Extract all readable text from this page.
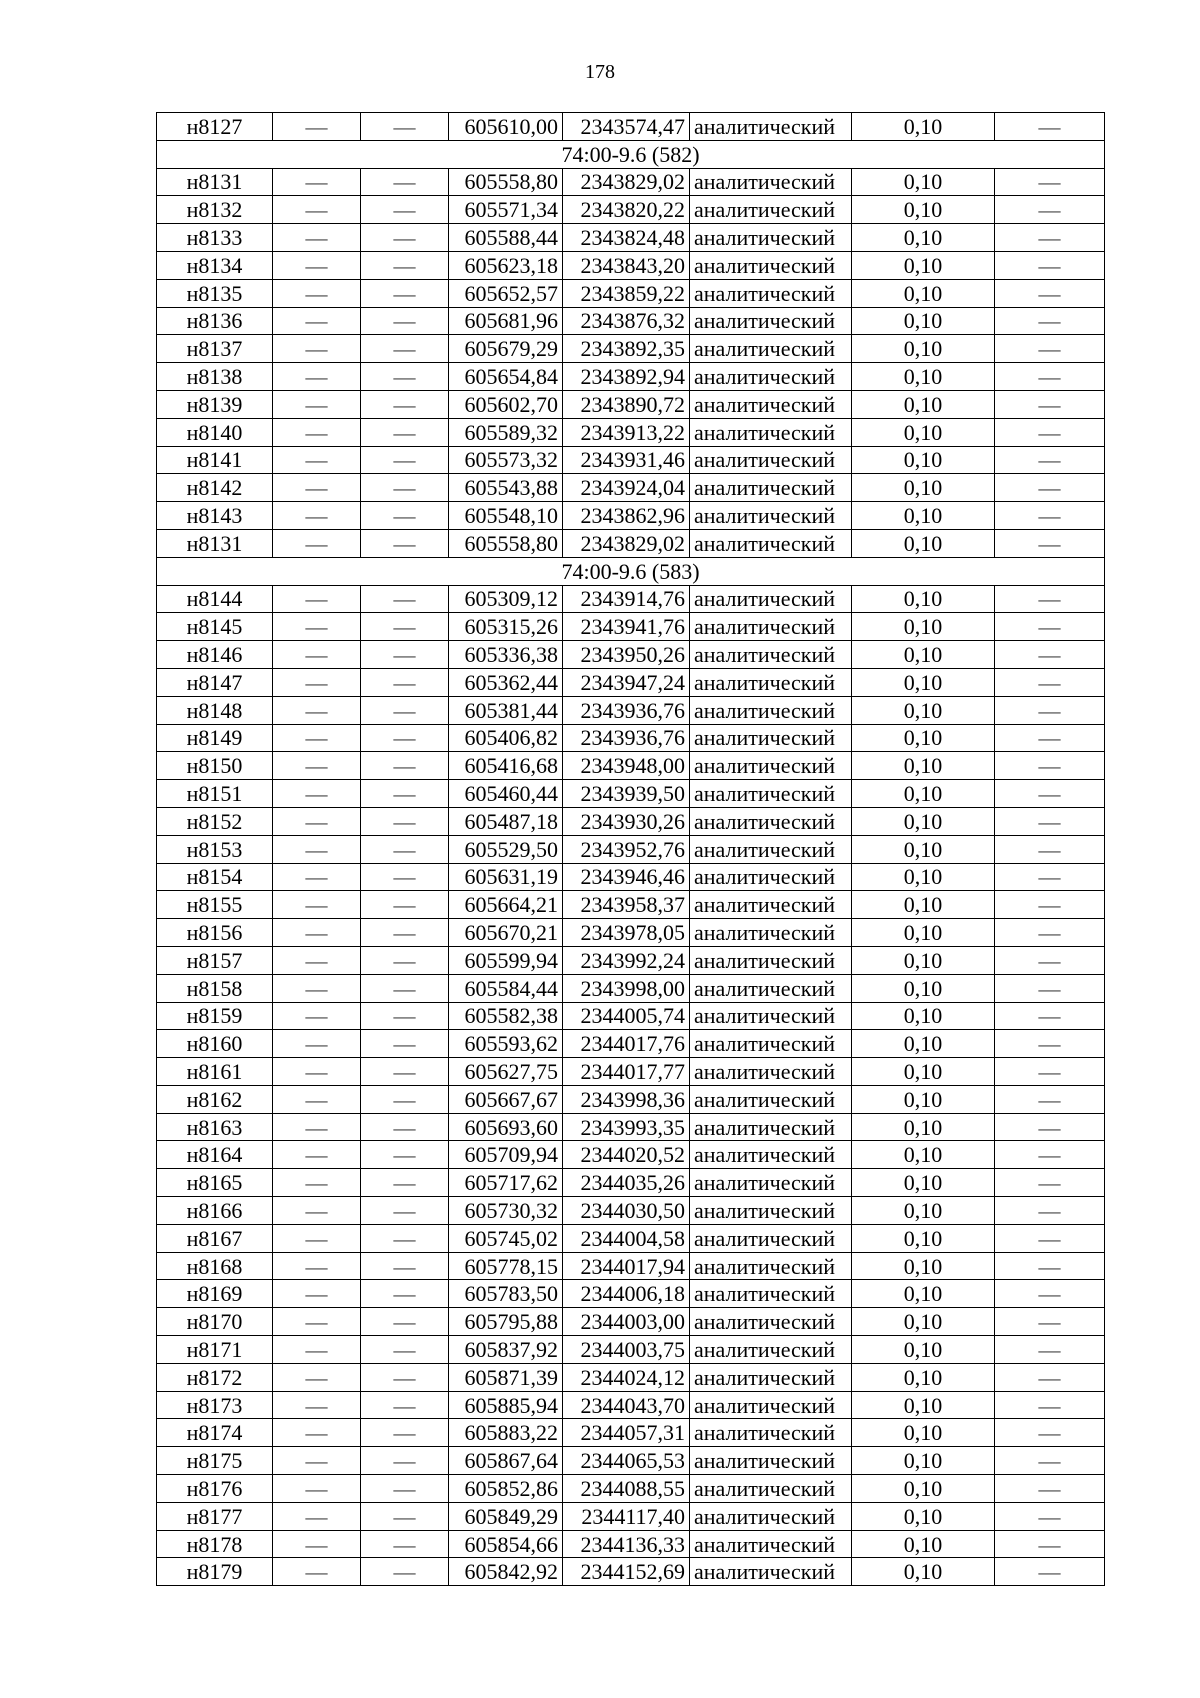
178
н8127	—	—	605610,00	2343574,47	аналитический	0,10	—
74:00-9.6 (582)							
н8131	—	—	605558,80	2343829,02	аналитический	0,10	—
н8132	—	—	605571,34	2343820,22	аналитический	0,10	—
н8133	—	—	605588,44	2343824,48	аналитический	0,10	—
н8134	—	—	605623,18	2343843,20	аналитический	0,10	—
н8135	—	—	605652,57	2343859,22	аналитический	0,10	—
н8136	—	—	605681,96	2343876,32	аналитический	0,10	—
н8137	—	—	605679,29	2343892,35	аналитический	0,10	—
н8138	—	—	605654,84	2343892,94	аналитический	0,10	—
н8139	—	—	605602,70	2343890,72	аналитический	0,10	—
н8140	—	—	605589,32	2343913,22	аналитический	0,10	—
н8141	—	—	605573,32	2343931,46	аналитический	0,10	—
н8142	—	—	605543,88	2343924,04	аналитический	0,10	—
н8143	—	—	605548,10	2343862,96	аналитический	0,10	—
н8131	—	—	605558,80	2343829,02	аналитический	0,10	—
74:00-9.6 (583)							
н8144	—	—	605309,12	2343914,76	аналитический	0,10	—
н8145	—	—	605315,26	2343941,76	аналитический	0,10	—
н8146	—	—	605336,38	2343950,26	аналитический	0,10	—
н8147	—	—	605362,44	2343947,24	аналитический	0,10	—
н8148	—	—	605381,44	2343936,76	аналитический	0,10	—
н8149	—	—	605406,82	2343936,76	аналитический	0,10	—
н8150	—	—	605416,68	2343948,00	аналитический	0,10	—
н8151	—	—	605460,44	2343939,50	аналитический	0,10	—
н8152	—	—	605487,18	2343930,26	аналитический	0,10	—
н8153	—	—	605529,50	2343952,76	аналитический	0,10	—
н8154	—	—	605631,19	2343946,46	аналитический	0,10	—
н8155	—	—	605664,21	2343958,37	аналитический	0,10	—
н8156	—	—	605670,21	2343978,05	аналитический	0,10	—
н8157	—	—	605599,94	2343992,24	аналитический	0,10	—
н8158	—	—	605584,44	2343998,00	аналитический	0,10	—
н8159	—	—	605582,38	2344005,74	аналитический	0,10	—
н8160	—	—	605593,62	2344017,76	аналитический	0,10	—
н8161	—	—	605627,75	2344017,77	аналитический	0,10	—
н8162	—	—	605667,67	2343998,36	аналитический	0,10	—
н8163	—	—	605693,60	2343993,35	аналитический	0,10	—
н8164	—	—	605709,94	2344020,52	аналитический	0,10	—
н8165	—	—	605717,62	2344035,26	аналитический	0,10	—
н8166	—	—	605730,32	2344030,50	аналитический	0,10	—
н8167	—	—	605745,02	2344004,58	аналитический	0,10	—
н8168	—	—	605778,15	2344017,94	аналитический	0,10	—
н8169	—	—	605783,50	2344006,18	аналитический	0,10	—
н8170	—	—	605795,88	2344003,00	аналитический	0,10	—
н8171	—	—	605837,92	2344003,75	аналитический	0,10	—
н8172	—	—	605871,39	2344024,12	аналитический	0,10	—
н8173	—	—	605885,94	2344043,70	аналитический	0,10	—
н8174	—	—	605883,22	2344057,31	аналитический	0,10	—
н8175	—	—	605867,64	2344065,53	аналитический	0,10	—
н8176	—	—	605852,86	2344088,55	аналитический	0,10	—
н8177	—	—	605849,29	2344117,40	аналитический	0,10	—
н8178	—	—	605854,66	2344136,33	аналитический	0,10	—
н8179	—	—	605842,92	2344152,69	аналитический	0,10	—
